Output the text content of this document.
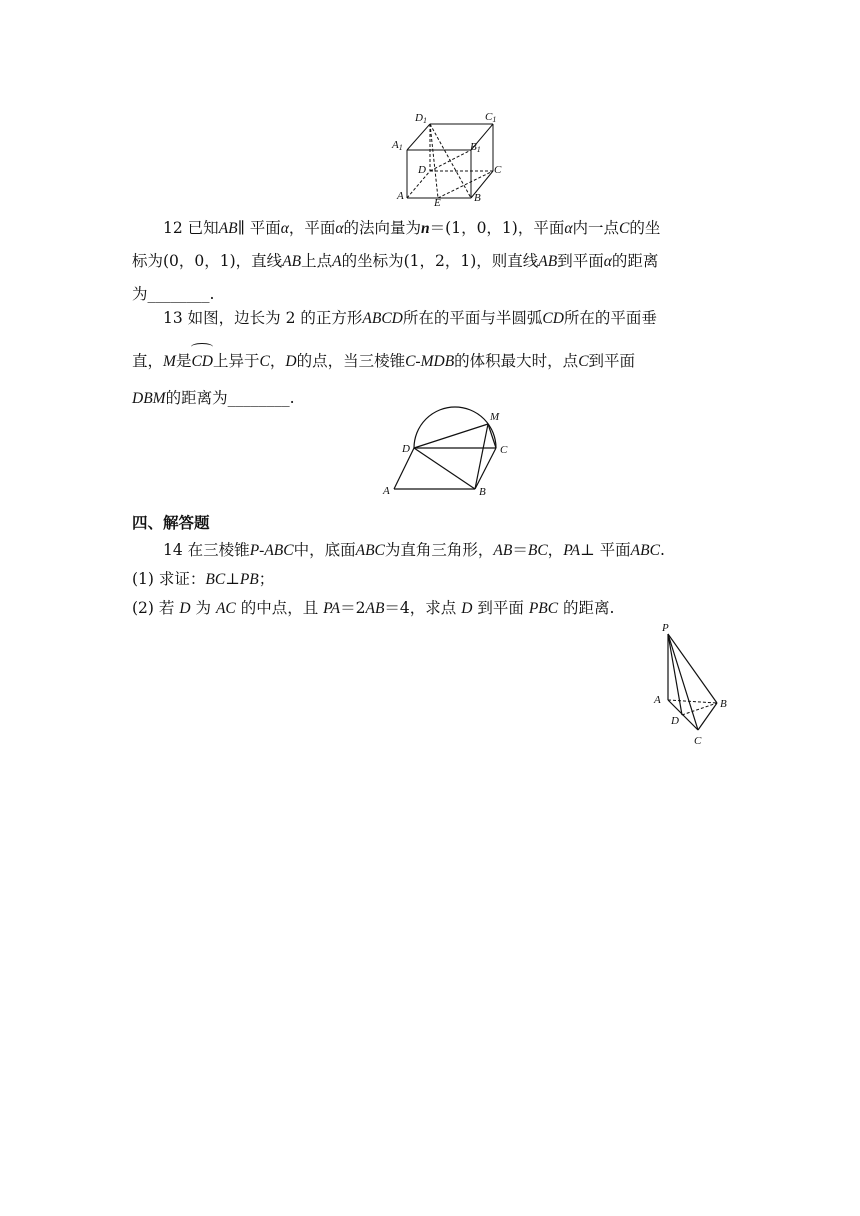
D1	C1
A1	B1
D	C
A	B
E
12 已知AB∥ 平面α，平面α的法向量为n＝(1，0，1)，平面α内一点C的坐
标为(0，0，1)，直线AB上点A的坐标为(1，2，1)，则直线AB到平面α的距离
为________.
13 如图，边长为 2 的正方形ABCD所在的平面与半圆弧CD所在的平面垂
直，M是CD上异于C，D的点，当三棱锥C-MDB的体积最大时，点C到平面
DBM的距离为________.
M
D	C
A	B
四、解答题
14 在三棱锥P-ABC中，底面ABC为直角三角形，AB＝BC，PA⊥ 平面ABC.
(1) 求证：BC⊥PB；
(2) 若 D 为 AC 的中点，且 PA＝2AB＝4，求点 D 到平面 PBC 的距离.
P
A	B
D
C
